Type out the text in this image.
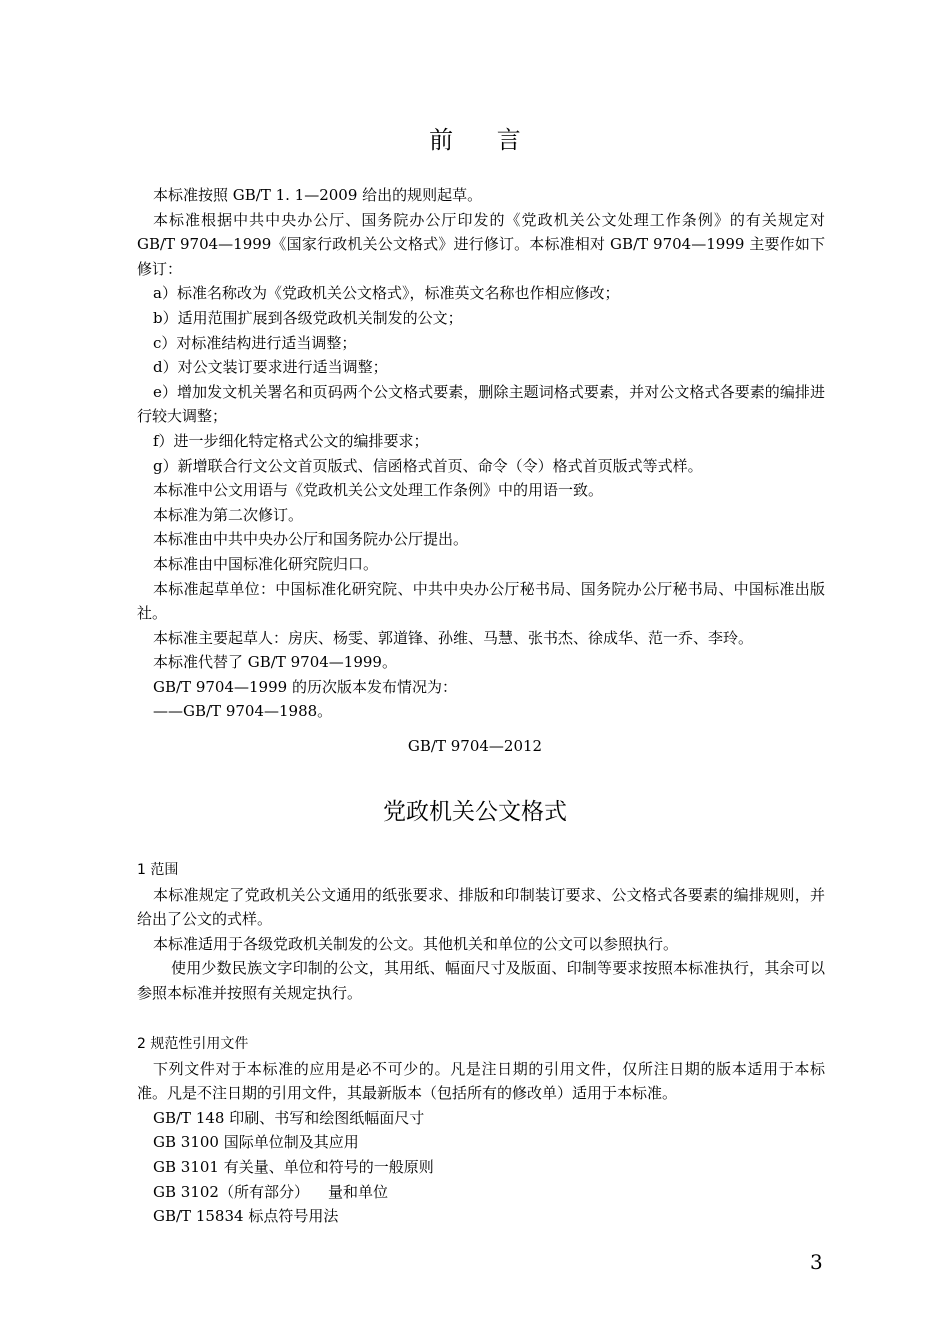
前 言
本标准按照 GB/T 1. 1—2009 给出的规则起草。
本标准根据中共中央办公厅、国务院办公厅印发的《党政机关公文处理工作条例》的有关规定对 GB/T 9704—1999《国家行政机关公文格式》进行修订。本标准相对 GB/T 9704—1999 主要作如下修订：
a）标准名称改为《党政机关公文格式》，标准英文名称也作相应修改；
b）适用范围扩展到各级党政机关制发的公文；
c）对标准结构进行适当调整；
d）对公文装订要求进行适当调整；
e）增加发文机关署名和页码两个公文格式要素，删除主题词格式要素，并对公文格式各要素的编排进行较大调整；
f）进一步细化特定格式公文的编排要求；
g）新增联合行文公文首页版式、信函格式首页、命令（令）格式首页版式等式样。
本标准中公文用语与《党政机关公文处理工作条例》中的用语一致。
本标准为第二次修订。
本标准由中共中央办公厅和国务院办公厅提出。
本标准由中国标准化研究院归口。
本标准起草单位：中国标准化研究院、中共中央办公厅秘书局、国务院办公厅秘书局、中国标准出版社。
本标准主要起草人：房庆、杨雯、郭道锋、孙维、马慧、张书杰、徐成华、范一乔、李玲。
本标准代替了 GB/T 9704—1999。
GB/T 9704—1999 的历次版本发布情况为：
——GB/T 9704—1988。
GB/T 9704—2012
党政机关公文格式
1 范围
本标准规定了党政机关公文通用的纸张要求、排版和印制装订要求、公文格式各要素的编排规则，并给出了公文的式样。
本标准适用于各级党政机关制发的公文。其他机关和单位的公文可以参照执行。
使用少数民族文字印制的公文，其用纸、幅面尺寸及版面、印制等要求按照本标准执行，其余可以参照本标准并按照有关规定执行。
2 规范性引用文件
下列文件对于本标准的应用是必不可少的。凡是注日期的引用文件，仅所注日期的版本适用于本标准。凡是不注日期的引用文件，其最新版本（包括所有的修改单）适用于本标准。
GB/T 148 印刷、书写和绘图纸幅面尺寸
GB 3100 国际单位制及其应用
GB 3101 有关量、单位和符号的一般原则
GB 3102（所有部分）    量和单位
GB/T 15834 标点符号用法
3
